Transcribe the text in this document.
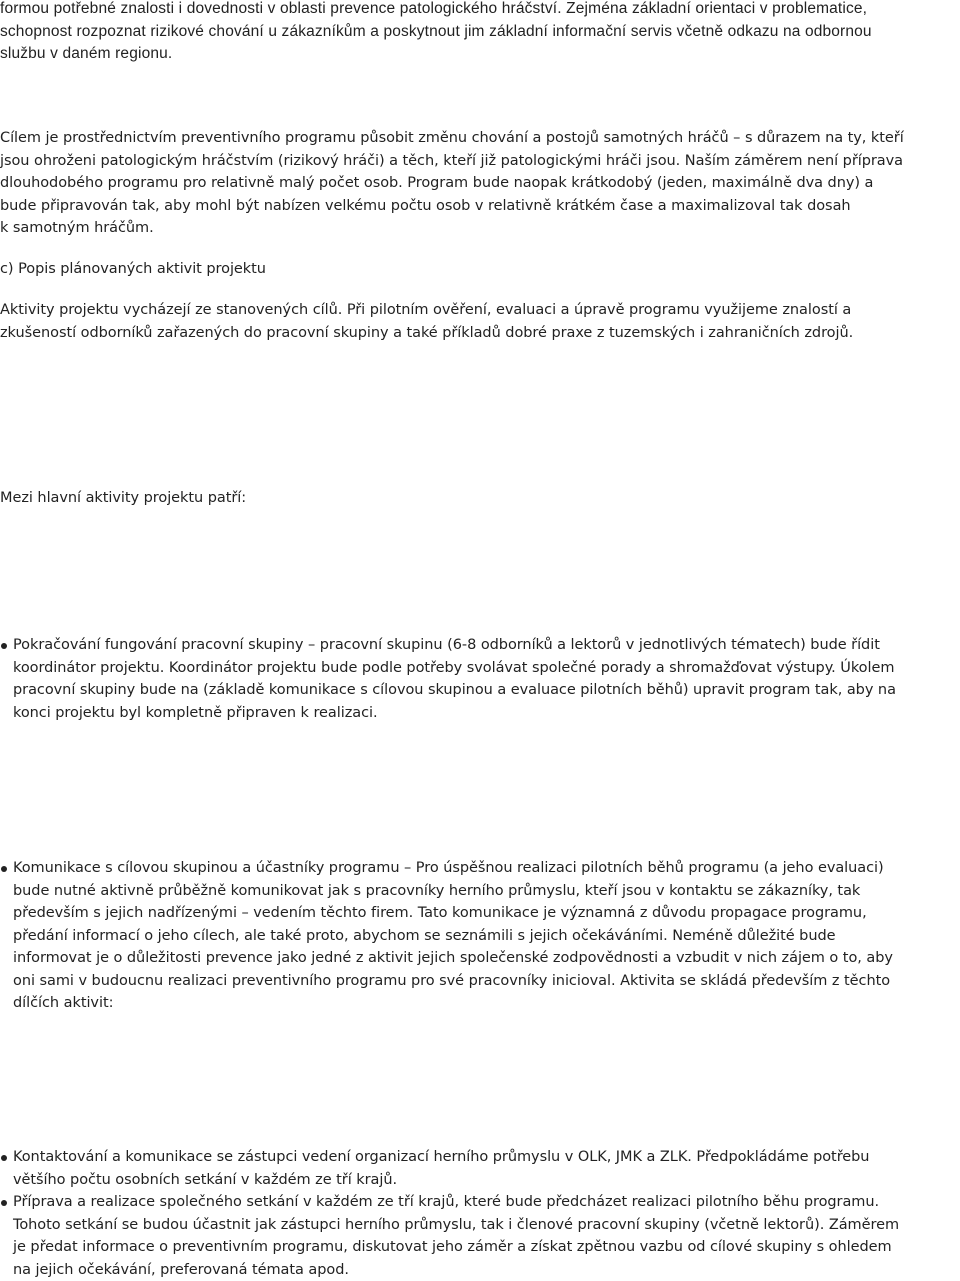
formou potřebné znalosti i dovednosti v oblasti prevence patologického hráčství. Zejména základní orientaci v problematice,
schopnost rozpoznat rizikové chování u zákazníkům a poskytnout jim základní informační servis včetně odkazu na odbornou
službu v daném regionu.
Cílem je prostřednictvím preventivního programu působit změnu chování a postojů samotných hráčů – s důrazem na ty, kteří
jsou ohroženi patologickým hráčstvím (rizikový hráči) a těch, kteří již patologickými hráči jsou. Naším záměrem není příprava
dlouhodobého programu pro relativně malý počet osob. Program bude naopak krátkodobý (jeden, maximálně dva dny) a
bude připravován tak, aby mohl být nabízen velkému počtu osob v relativně krátkém čase a maximalizoval tak dosah
k samotným hráčům.
c) Popis plánovaných aktivit projektu
Aktivity projektu vycházejí ze stanovených cílů. Při pilotním ověření, evaluaci a úpravě programu využijeme znalostí a
zkušeností odborníků zařazených do pracovní skupiny a také příkladů dobré praxe z tuzemských i zahraničních zdrojů.
Mezi hlavní aktivity projektu patří:
Pokračování fungování pracovní skupiny – pracovní skupinu (6-8 odborníků a lektorů v jednotlivých tématech) bude řídit
koordinátor projektu. Koordinátor projektu bude podle potřeby svolávat společné porady a shromažďovat výstupy. Úkolem
pracovní skupiny bude na (základě komunikace s cílovou skupinou a evaluace pilotních běhů) upravit program tak, aby na
konci projektu byl kompletně připraven k realizaci.
Komunikace s cílovou skupinou a účastníky programu – Pro úspěšnou realizaci pilotních běhů programu (a jeho evaluaci)
bude nutné aktivně průběžně komunikovat jak s pracovníky herního průmyslu, kteří jsou v kontaktu se zákazníky, tak
především s jejich nadřízenými – vedením těchto firem. Tato komunikace je významná z důvodu propagace programu,
předání informací o jeho cílech, ale také proto, abychom se seznámili s jejich očekáváními. Neméně důležité bude
informovat je o důležitosti prevence jako jedné z aktivit jejich společenské zodpovědnosti a vzbudit v nich zájem o to, aby
oni sami v budoucnu realizaci preventivního programu pro své pracovníky inicioval. Aktivita se skládá především z těchto
dílčích aktivit:
Kontaktování a komunikace se zástupci vedení organizací herního průmyslu v OLK, JMK a ZLK. Předpokládáme potřebu
většího počtu osobních setkání v každém ze tří krajů.
Příprava a realizace společného setkání v každém ze tří krajů, které bude předcházet realizaci pilotního běhu programu.
Tohoto setkání se budou účastnit jak zástupci herního průmyslu, tak i členové pracovní skupiny (včetně lektorů). Záměrem
je předat informace o preventivním programu, diskutovat jeho záměr a získat zpětnou vazbu od cílové skupiny s ohledem
na jejich očekávání, preferovaná témata apod.
